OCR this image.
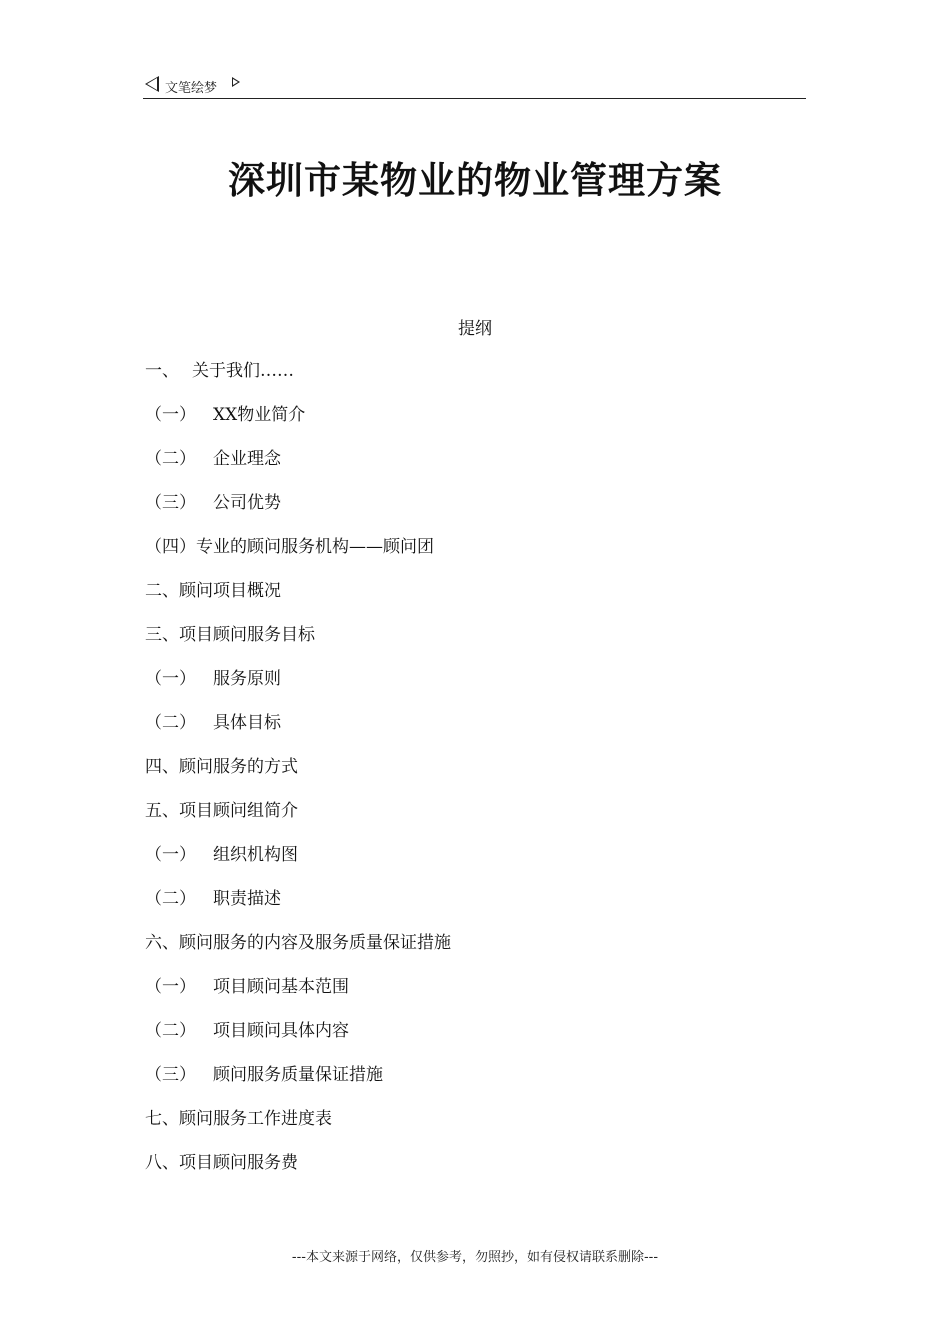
文笔绘梦
深圳市某物业的物业管理方案
提纲
一、 关于我们……
（一） XX物业简介
（二） 企业理念
（三） 公司优势
（四）专业的顾问服务机构——顾问团
二、顾问项目概况
三、项目顾问服务目标
（一） 服务原则
（二） 具体目标
四、顾问服务的方式
五、项目顾问组简介
（一） 组织机构图
（二） 职责描述
六、顾问服务的内容及服务质量保证措施
（一） 项目顾问基本范围
（二） 项目顾问具体内容
（三） 顾问服务质量保证措施
七、顾问服务工作进度表
八、项目顾问服务费
---本文来源于网络，仅供参考，勿照抄，如有侵权请联系删除---
